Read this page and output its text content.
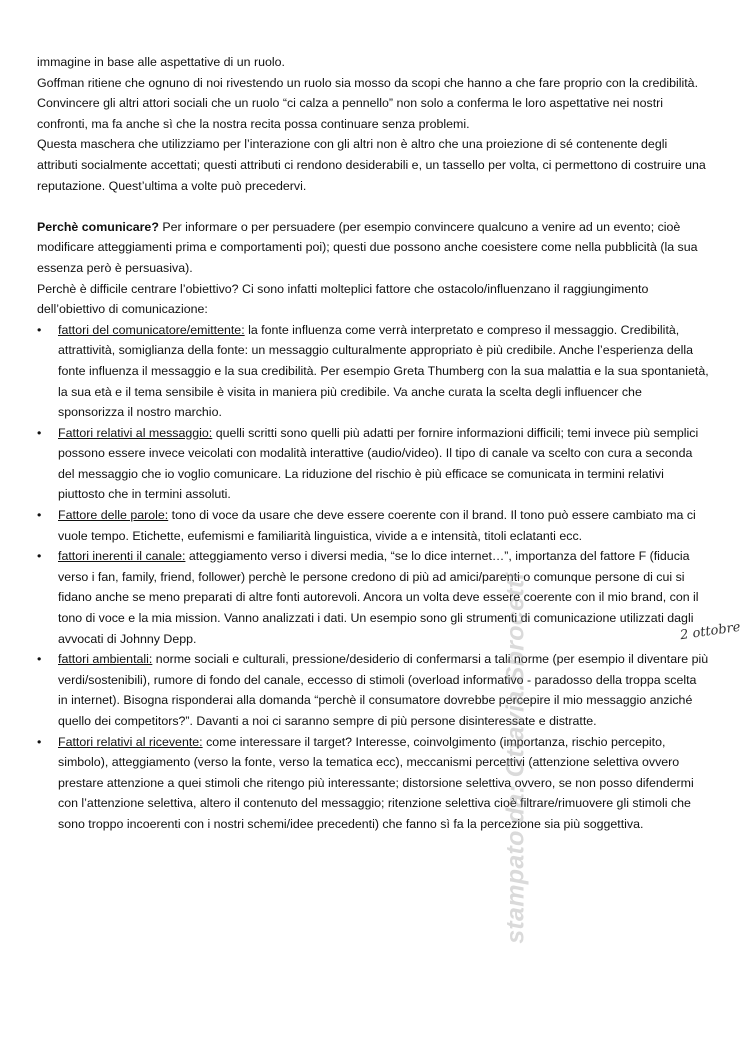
immagine in base alle aspettative di un ruolo.

Goffman ritiene che ognuno di noi rivestendo un ruolo sia mosso da scopi che hanno a che fare proprio con la credibilità. Convincere gli altri attori sociali che un ruolo “ci calza a pennello” non solo a conferma le loro aspettative nei nostri confronti, ma fa anche sì che la nostra recita possa continuare senza problemi.

Questa maschera che utilizziamo per l’interazione con gli altri non è altro che una proiezione di sé contenente degli attributi socialmente accettati; questi attributi ci rendono desiderabili e, un tassello per volta, ci permettono di costruire una reputazione. Quest’ultima a volte può precedervi.

Perchè comunicare? Per informare o per persuadere (per esempio convincere qualcuno a venire ad un evento; cioè modificare atteggiamenti prima e comportamenti poi); questi due possono anche coesistere come nella pubblicità (la sua essenza però è persuasiva).

Perchè è difficile centrare l’obiettivo? Ci sono infatti molteplici fattore che ostacolo/influenzano il raggiungimento dell’obiettivo di comunicazione:

• fattori del comunicatore/emittente: la fonte influenza come verrà interpretato e compreso il messaggio. Credibilità, attrattività, somiglianza della fonte: un messaggio culturalmente appropriato è più credibile. Anche l’esperienza della fonte influenza il messaggio e la sua credibilità. Per esempio Greta Thumberg con la sua malattia e la sua spontanietà, la sua età e il tema sensibile è visita in maniera più credibile. Va anche curata la scelta degli influencer che sponsorizza il nostro marchio.
• Fattori relativi al messaggio: quelli scritti sono quelli più adatti per fornire informazioni difficili; temi invece più semplici possono essere invece veicolati con modalità interattive (audio/video). Il tipo di canale va scelto con cura a seconda del messaggio che io voglio comunicare. La riduzione del rischio è più efficace se comunicata in termini relativi piuttosto che in termini assoluti.
• Fattore delle parole: tono di voce da usare che deve essere coerente con il brand. Il tono può essere cambiato ma ci vuole tempo. Etichette, eufemismi e familiarità linguistica, vivide a e intensità, titoli eclatanti ecc.
• fattori inerenti il canale: atteggiamento verso i diversi media, “se lo dice internet…”, importanza del fattore F (fiducia verso i fan, family, friend, follower) perchè le persone credono di più ad amici/parenti o comunque persone di cui si fidano anche se meno preparati di altre fonti autorevoli. Ancora un volta deve essere coerente con il mio brand, con il tono di voce e la mia mission. Vanno analizzati i dati. Un esempio sono gli strumenti di comunicazione utilizzati dagli avvocati di Johnny Depp.
• fattori ambientali: norme sociali e culturali, pressione/desiderio di confermarsi a tali norme (per esempio il diventare più verdi/sostenibili), rumore di fondo del canale, eccesso di stimoli (overload informativo - paradosso della troppa scelta in internet). Bisogna risponderai alla domanda “perchè il consumatore dovrebbe percepire il mio messaggio anziché quello dei competitors?”. Davanti a noi ci saranno sempre di più persone disinteressate e distratte.
• Fattori relativi al ricevente: come interessare il target? Interesse, coinvolgimento (importanza, rischio percepito, simbolo), atteggiamento (verso la fonte, verso la tematica ecc), meccanismi percettivi (attenzione selettiva ovvero prestare attenzione a quei stimoli che ritengo più interessante; distorsione selettiva ovvero, se non posso difendermi con l’attenzione selettiva, altero il contenuto del messaggio; ritenzione selettiva cioè filtrare/rimuovere gli stimoli che sono troppo incoerenti con i nostri schemi/idee precedenti) che fanno sì fa la percezione sia più soggettiva.
stampato da: Ottavia.Sbrocetti	2 ottobre
